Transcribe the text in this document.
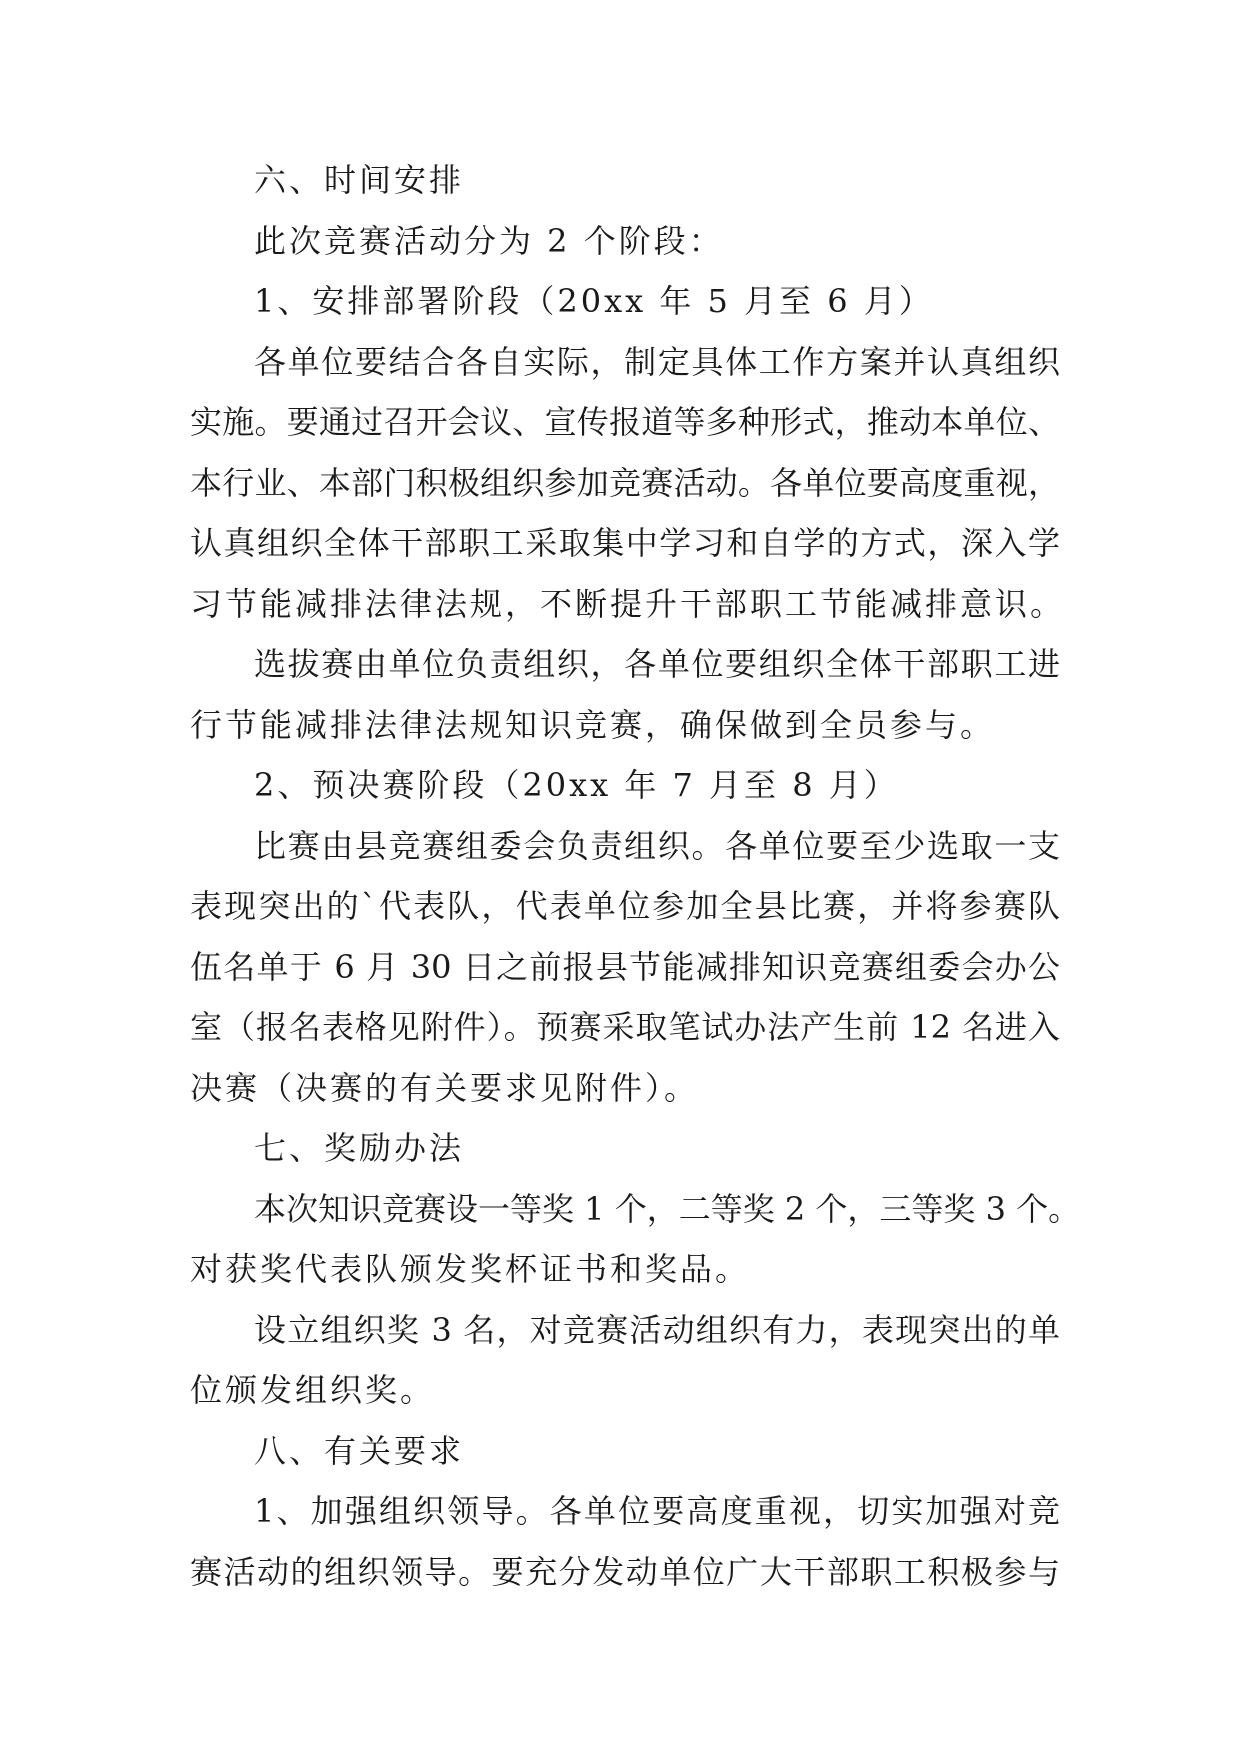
六、时间安排
此次竞赛活动分为 2 个阶段：
1、安排部署阶段（20xx 年 5 月至 6 月）
各单位要结合各自实际，制定具体工作方案并认真组织
实施。要通过召开会议、宣传报道等多种形式，推动本单位、
本行业、本部门积极组织参加竞赛活动。各单位要高度重视，
认真组织全体干部职工采取集中学习和自学的方式，深入学
习节能减排法律法规，不断提升干部职工节能减排意识。
选拔赛由单位负责组织，各单位要组织全体干部职工进
行节能减排法律法规知识竞赛，确保做到全员参与。
2、预决赛阶段（20xx 年 7 月至 8 月）
比赛由县竞赛组委会负责组织。各单位要至少选取一支
表现突出的`代表队，代表单位参加全县比赛，并将参赛队
伍名单于 6 月 30 日之前报县节能减排知识竞赛组委会办公
室（报名表格见附件）。预赛采取笔试办法产生前 12 名进入
决赛（决赛的有关要求见附件）。
七、奖励办法
本次知识竞赛设一等奖 1 个，二等奖 2 个，三等奖 3 个。
对获奖代表队颁发奖杯证书和奖品。
设立组织奖 3 名，对竞赛活动组织有力，表现突出的单
位颁发组织奖。
八、有关要求
1、加强组织领导。各单位要高度重视，切实加强对竞
赛活动的组织领导。要充分发动单位广大干部职工积极参与
